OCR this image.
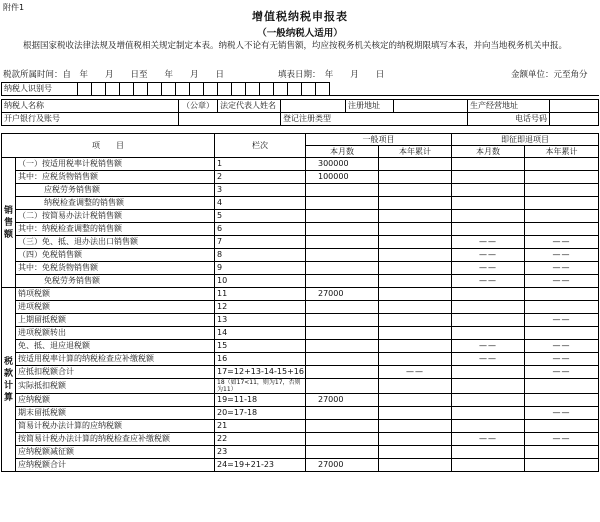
附件1
增值税纳税申报表
（一般纳税人适用）
根据国家税收法律法规及增值税相关规定制定本表。纳税人不论有无销售额，均应按税务机关核定的纳税期限填写本表，并向当地税务机关申报。
税款所属时间：自　年　　月　　日至　　年　　月　　日	填表日期：　年　　月　　日	金额单位：元至角分
纳税人识别号																			
纳税人名称	（公章）	法定代表人姓名		注册地址		生产经营地址	
开户银行及账号			登记注册类型			电话号码	
项　　目		栏次	一般项目		即征即退项目	
			本月数	本年累计	本月数	本年累计
销售额	（一）按适用税率计税销售额	1	300000			
	其中：应税货物销售额	2	100000			
	应税劳务销售额	3				
	纳税检查调整的销售额	4				
	（二）按简易办法计税销售额	5				
	其中：纳税检查调整的销售额	6				
	（三）免、抵、退办法出口销售额	7			——	——
	（四）免税销售额	8			——	——
	其中：免税货物销售额	9			——	——
	免税劳务销售额	10			——	——
税款计算	销项税额	11	27000			
	进项税额	12				
	上期留抵税额	13				——
	进项税额转出	14				
	免、抵、退应退税额	15			——	——
	按适用税率计算的纳税检查应补缴税额	16			——	——
	应抵扣税额合计	17=12+13-14-15+16		——		——
	实际抵扣税额	18（如17<11，则为17，否则为11）				
	应纳税额	19=11-18	27000			
	期末留抵税额	20=17-18				——
	简易计税办法计算的应纳税额	21				
	按简易计税办法计算的纳税检查应补缴税额	22			——	——
	应纳税额减征额	23				
	应纳税额合计	24=19+21-23	27000			
